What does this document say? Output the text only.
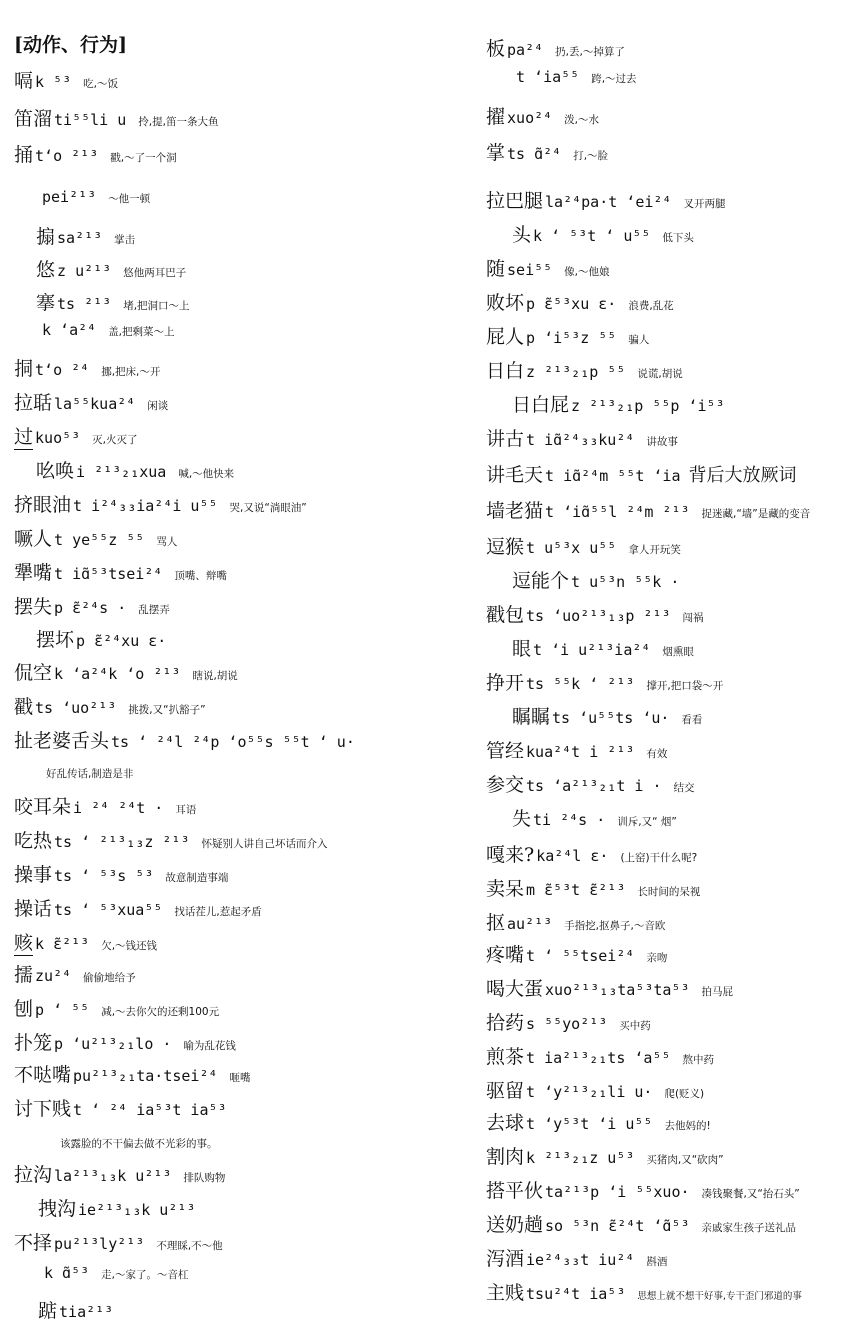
[动作、行为]
嗝 k ⁵³ 吃,～饭
笛溜 ti⁵⁵li u 拎,提,笛一条大鱼
捅 t‘o ²¹³ 戳,～了一个洞
pei²¹³ ～他一顿
搧 sa²¹³ 掌击
悠 z u²¹³ 悠他两耳巴子
搴 ts ²¹³ 堵,把洞口～上
k ‘a²⁴ 盖,把剩菜～上
挏 t‘o ²⁴ 挪,把床,～开
拉聒 la⁵⁵kua²⁴ 闲谈
过 kuo⁵³ 灭,火灭了
吆唤 i ²¹³₂₁xua 喊,～他快来
挤眼油 t i²⁴₃₃ia²⁴i u⁵⁵ 哭,又说“淌眼油”
噘人 t ye⁵⁵z ⁵⁵ 骂人
犟嘴 t iɑ̃⁵³tsei²⁴ 顶嘴、辩嘴
摆失 p ɛ̃²⁴s · 乱摆弄
摆坏 p ɛ̃²⁴xu ɛ·
侃空 k ‘a²⁴k ‘o ²¹³ 瞎说,胡说
戳 ts ‘uo²¹³ 挑拨,又“扒豁子”
扯老婆舌头 ts ‘ ²⁴l ²⁴p ‘o⁵⁵s ⁵⁵t ‘ u·
好乱传话,制造是非
咬耳朵 i ²⁴ ²⁴t · 耳语
吃热 ts ‘ ²¹³₁₃z ²¹³ 怀疑别人讲自己坏话而介入
操事 ts ‘ ⁵³s ⁵³ 故意制造事端
操话 ts ‘ ⁵³xua⁵⁵ 找话茬儿,惹起矛盾
赅 k ɛ̃²¹³ 欠,～钱还钱
擩 zu²⁴ 偷偷地给予
刨 p ‘ ⁵⁵ 减,～去你欠的还剩100元
扑笼 p ‘u²¹³₂₁lo · 喻为乱花钱
不哒嘴 pu²¹³₂₁ta·tsei²⁴ 咂嘴
讨下贱 t ‘ ²⁴ ia⁵³t ia⁵³
该露脸的不干偏去做不光彩的事。
拉沟 la²¹³₁₃k u²¹³ 排队购物
拽沟 ie²¹³₁₃k u²¹³
不择 pu²¹³ly²¹³ 不理睬,不～他
k ɑ̃⁵³ 走,～家了。～音杠
踮 tia²¹³
板 pa²⁴ 扔,丢,～掉算了
t ‘ia⁵⁵ 跨,～过去
擢 xuo²⁴ 泼,～水
掌 ts ɑ̃²⁴ 打,～脸
拉巴腿 la²⁴pa·t ‘ei²⁴ 叉开两腿
头 k ‘ ⁵³t ‘ u⁵⁵ 低下头
随 sei⁵⁵ 像,～他娘
败坏 p ɛ̃⁵³xu ɛ· 浪费,乱花
屁人 p ‘i⁵³z ⁵⁵ 骗人
日白 z ²¹³₂₁p ⁵⁵ 说谎,胡说
日白屁 z ²¹³₂₁p ⁵⁵p ‘i⁵³
讲古 t iɑ̃²⁴₃₃ku²⁴ 讲故事
讲毛天 t iɑ̃²⁴m ⁵⁵t ‘ia 背后大放厥词
墙老猫 t ‘iɑ̃⁵⁵l ²⁴m ²¹³ 捉迷藏,“墙”是藏的变音
逗猴 t u⁵³x u⁵⁵ 拿人开玩笑
逗能个 t u⁵³n ⁵⁵k ·
戳包 ts ‘uo²¹³₁₃p ²¹³ 闯祸
眼 t ‘i u²¹³ia²⁴ 烟熏眼
挣开 ts ⁵⁵k ‘ ²¹³ 撑开,把口袋～开
瞩瞩 ts ‘u⁵⁵ts ‘u· 看看
管经 kua²⁴t i ²¹³ 有效
参交 ts ‘a²¹³₂₁t i · 结交
失 ti ²⁴s · 训斥,又“ 烟”
嘎来? ka²⁴l ɛ· (上窑)干什么呢?
卖呆 m ɛ̃⁵³t ɛ̃²¹³ 长时间的呆视
抠 au²¹³ 手指挖,抠鼻子,～音欧
疼嘴 t ‘ ⁵⁵tsei²⁴ 亲吻
喝大蛋 xuo²¹³₁₃ta⁵³ta⁵³ 拍马屁
拾药 s ⁵⁵yo²¹³ 买中药
煎茶 t ia²¹³₂₁ts ‘a⁵⁵ 熬中药
驱留 t ‘y²¹³₂₁li u· 爬(贬义)
去球 t ‘y⁵³t ‘i u⁵⁵ 去他妈的!
割肉 k ²¹³₂₁z u⁵³ 买猪肉,又“砍肉”
搭平伙 ta²¹³p ‘i ⁵⁵xuo· 凑钱聚餐,又“抬石头”
送奶趟 so ⁵³n ɛ̃²⁴t ‘ɑ̃⁵³ 亲戚家生孩子送礼品
泻酒 ie²⁴₃₃t iu²⁴ 斟酒
主贱 tsu²⁴t ia⁵³ 思想上就不想干好事,专干歪门邪道的事
